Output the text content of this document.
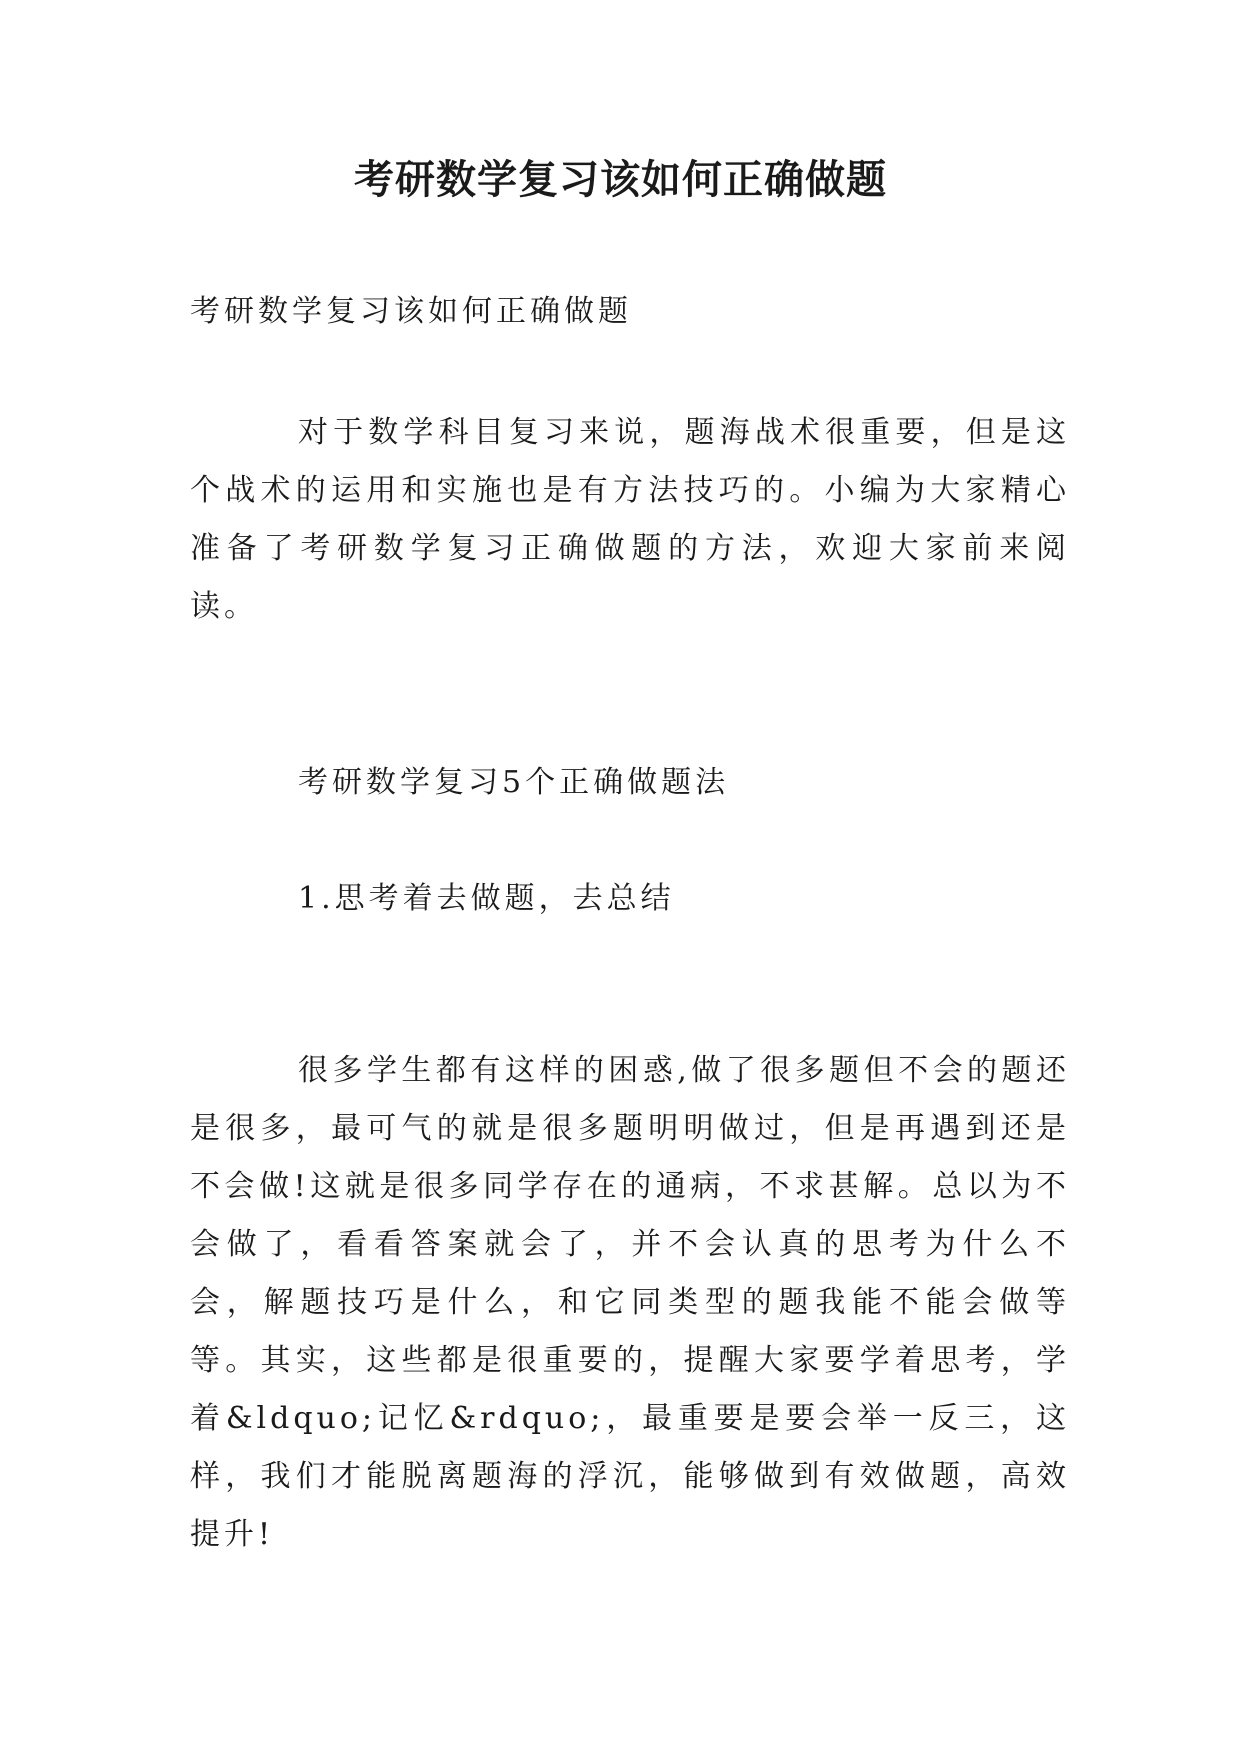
考研数学复习该如何正确做题

考研数学复习该如何正确做题

对于数学科目复习来说，题海战术很重要，但是这个战术的运用和实施也是有方法技巧的。小编为大家精心准备了考研数学复习正确做题的方法，欢迎大家前来阅读。

考研数学复习5个正确做题法

1.思考着去做题，去总结

很多学生都有这样的困惑,做了很多题但不会的题还是很多，最可气的就是很多题明明做过，但是再遇到还是不会做!这就是很多同学存在的通病，不求甚解。总以为不会做了，看看答案就会了，并不会认真的思考为什么不会，解题技巧是什么，和它同类型的题我能不能会做等等。其实，这些都是很重要的，提醒大家要学着思考，学着&ldquo;记忆&rdquo;，最重要是要会举一反三，这样，我们才能脱离题海的浮沉，能够做到有效做题，高效提升!
